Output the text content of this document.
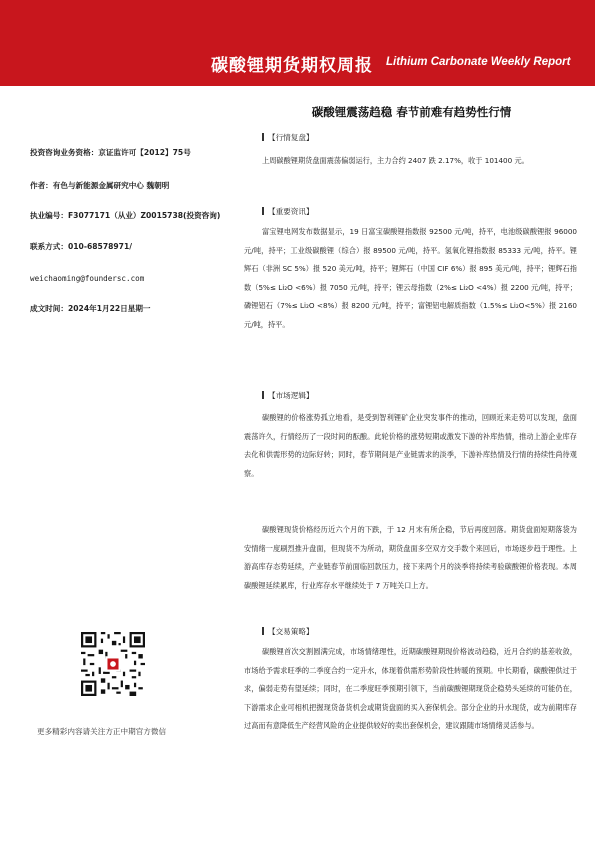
碳酸锂期货期权周报 Lithium Carbonate Weekly Report
碳酸锂震荡趋稳 春节前难有趋势性行情
投资咨询业务资格：京证监许可【2012】75号
作者：有色与新能源金属研究中心 魏朝明
执业编号：F3077171（从业）Z0015738(投资咨询)
联系方式：010-68578971/
weichaoming@foundersc.com
成文时间：2024年1月22日星期一
更多精彩内容请关注方正中期官方微信
【行情复盘】
上周碳酸锂期货盘面震荡偏弱运行，主力合约 2407 跌 2.17%，收于 101400 元。
【重要资讯】
富宝锂电网发布数据显示，19 日富宝碳酸锂指数报 92500 元/吨，持平，电池级碳酸锂报 96000 元/吨，持平；工业级碳酸锂（综合）报 89500 元/吨，持平。氢氧化锂指数报 85333 元/吨，持平。锂辉石（非洲 SC 5%）报 520 美元/吨，持平；锂辉石（中国 CIF 6%）报 895 美元/吨，持平；锂辉石指数（5%≤ Li₂O <6%）报 7050 元/吨，持平；锂云母指数（2%≤ Li₂O <4%）报 2200 元/吨，持平；磷锂铝石（7%≤ Li₂O <8%）报 8200 元/吨，持平；富锂铝电解质指数（1.5%≤ Li₂O<5%）报 2160 元/吨，持平。
【市场逻辑】
碳酸锂的价格涨势孤立地看，是受到智利锂矿企业突发事件的推动，回顾近来走势可以发现，盘面震荡许久，行情经历了一段时间的酝酿。此轮价格的涨势短期或激发下游的补库热情，推动上游企业库存去化和供需形势的边际好转；同时，春节期间是产业链需求的淡季，下游补库热情及行情的持续性尚待观察。
碳酸锂现货价格经历近六个月的下跌，于 12 月末有所企稳，节后再度回落。期货盘面短期落袋为安情绪一度刷烈推升盘面，但现货不为所动，期货盘面多空双方交手数个来回后，市场逐步趋于理性。上游高库存态势延续，产业链春节前面临回款压力，接下来两个月的淡季将持续考验碳酸锂价格表现。本周碳酸锂延续累库，行业库存水平继续处于 7 万吨关口上方。
【交易策略】
碳酸锂首次交割圆满完成，市场情绪理性，近期碳酸锂期现价格波动趋稳，近月合约的基差收敛，市场给予需求旺季的二季度合约一定升水，体现着供需形势阶段性转暖的预期。中长期看，碳酸锂供过于求，偏弱走势有望延续；同时，在二季度旺季预期引领下，当前碳酸锂期现货企稳势头延续的可能仍在，下游需求企业可相机把握现货备货机会或期货盘面的买入套保机会。部分企业的升水现货，或为前期库存过高而有意降低生产经营风险的企业提供较好的卖出套保机会，建议跟随市场情绪灵活参与。
